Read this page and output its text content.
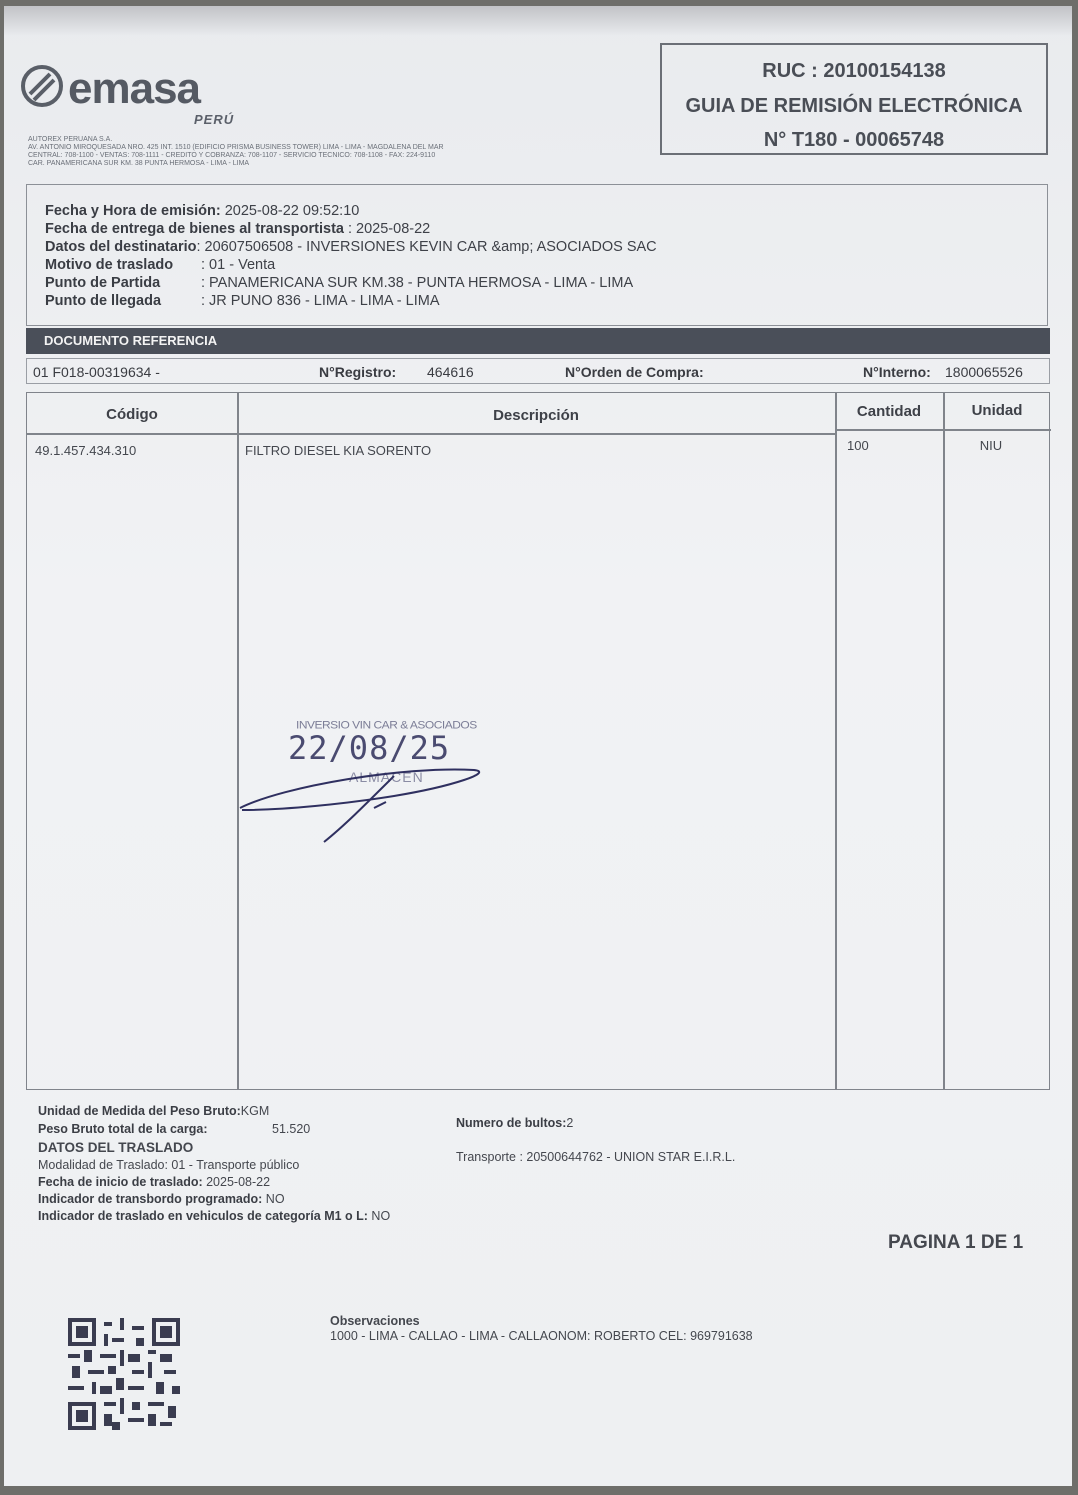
emasa
PERÚ
AUTOREX PERUANA S.A.
AV. ANTONIO MIROQUESADA NRO. 425 INT. 1510 (EDIFICIO PRISMA BUSINESS TOWER) LIMA - LIMA - MAGDALENA DEL MAR
CENTRAL: 708-1100 - VENTAS: 708-1111 - CREDITO Y COBRANZA: 708-1107 - SERVICIO TECNICO: 708-1108 - FAX: 224-9110
CAR. PANAMERICANA SUR KM. 38 PUNTA HERMOSA - LIMA - LIMA
RUC : 20100154138
GUIA DE REMISIÓN ELECTRÓNICA
N° T180 - 00065748
Fecha y Hora de emisión: 2025-08-22 09:52:10
Fecha de entrega de bienes al transportista : 2025-08-22
Datos del destinatario: 20607506508 - INVERSIONES KEVIN CAR &amp; ASOCIADOS SAC
Motivo de traslado : 01 - Venta
Punto de Partida	: PANAMERICANA SUR KM.38 - PUNTA HERMOSA - LIMA - LIMA
Punto de llegada	: JR PUNO 836 - LIMA - LIMA - LIMA
DOCUMENTO REFERENCIA
01 F018-00319634 -	N°Registro: 464616	N°Orden de Compra:	N°Interno: 1800065526
Código	Descripción	Cantidad	Unidad
49.1.457.434.310	FILTRO DIESEL KIA SORENTO	100	NIU
INVERSIO VIN CAR & ASOCIADOS
22/08/25
ALMACEN
Unidad de Medida del Peso Bruto:KGM
Peso Bruto total de la carga:	51.520	Numero de bultos:2
DATOS DEL TRASLADO
Modalidad de Traslado: 01 - Transporte público
Transporte : 20500644762 - UNION STAR E.I.R.L.
Fecha de inicio de traslado: 2025-08-22
Indicador de transbordo programado: NO
Indicador de traslado en vehiculos de categoría M1 o L: NO
PAGINA 1 DE 1
Observaciones
1000 - LIMA - CALLAO - LIMA - CALLAONOM: ROBERTO CEL: 969791638
